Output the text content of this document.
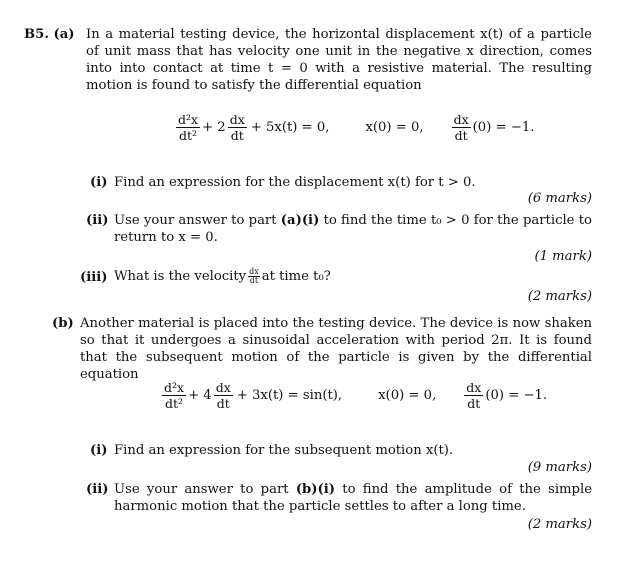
B5. (a) In a material testing device, the horizontal displacement x(t) of a particle of unit mass that has velocity one unit in the negative x direction, comes into into contact at time t = 0 with a resistive material. The resulting motion is found to satisfy the differential equation
$\frac{\text{d²x}}{\text{dt²}} + 2 \frac{dx}{dt} + 5x(t) = 0$,	x(0) = 0, $\frac{dx}{dt} (0) = -1$.
(i) Find an expression for the displacement x(t) for t > 0.
(6 marks)
(ii) Use your answer to part (a)(i) to find the time t₀ > 0 for the particle to return to x = 0.
(1 mark)
(iii) What is the velocity $\frac{dx}{dt}$ at time t₀?
(2 marks)
(b) Another material is placed into the testing device. The device is now shaken so that it undergoes a sinusoidal acceleration with period 2π. It is found that the subsequent motion of the particle is given by the differential equation
$\frac{\text{d²x}}{\text{dt²}} + 4 \frac{dx}{dt} + 3x(t) = \sin(t)$,	x(0) = 0, $\frac{dx}{dt} (0) = -1$.
(i) Find an expression for the subsequent motion x(t).
(9 marks)
(ii) Use your answer to part (b)(i) to find the amplitude of the simple harmonic motion that the particle settles to after a long time.
(2 marks)
